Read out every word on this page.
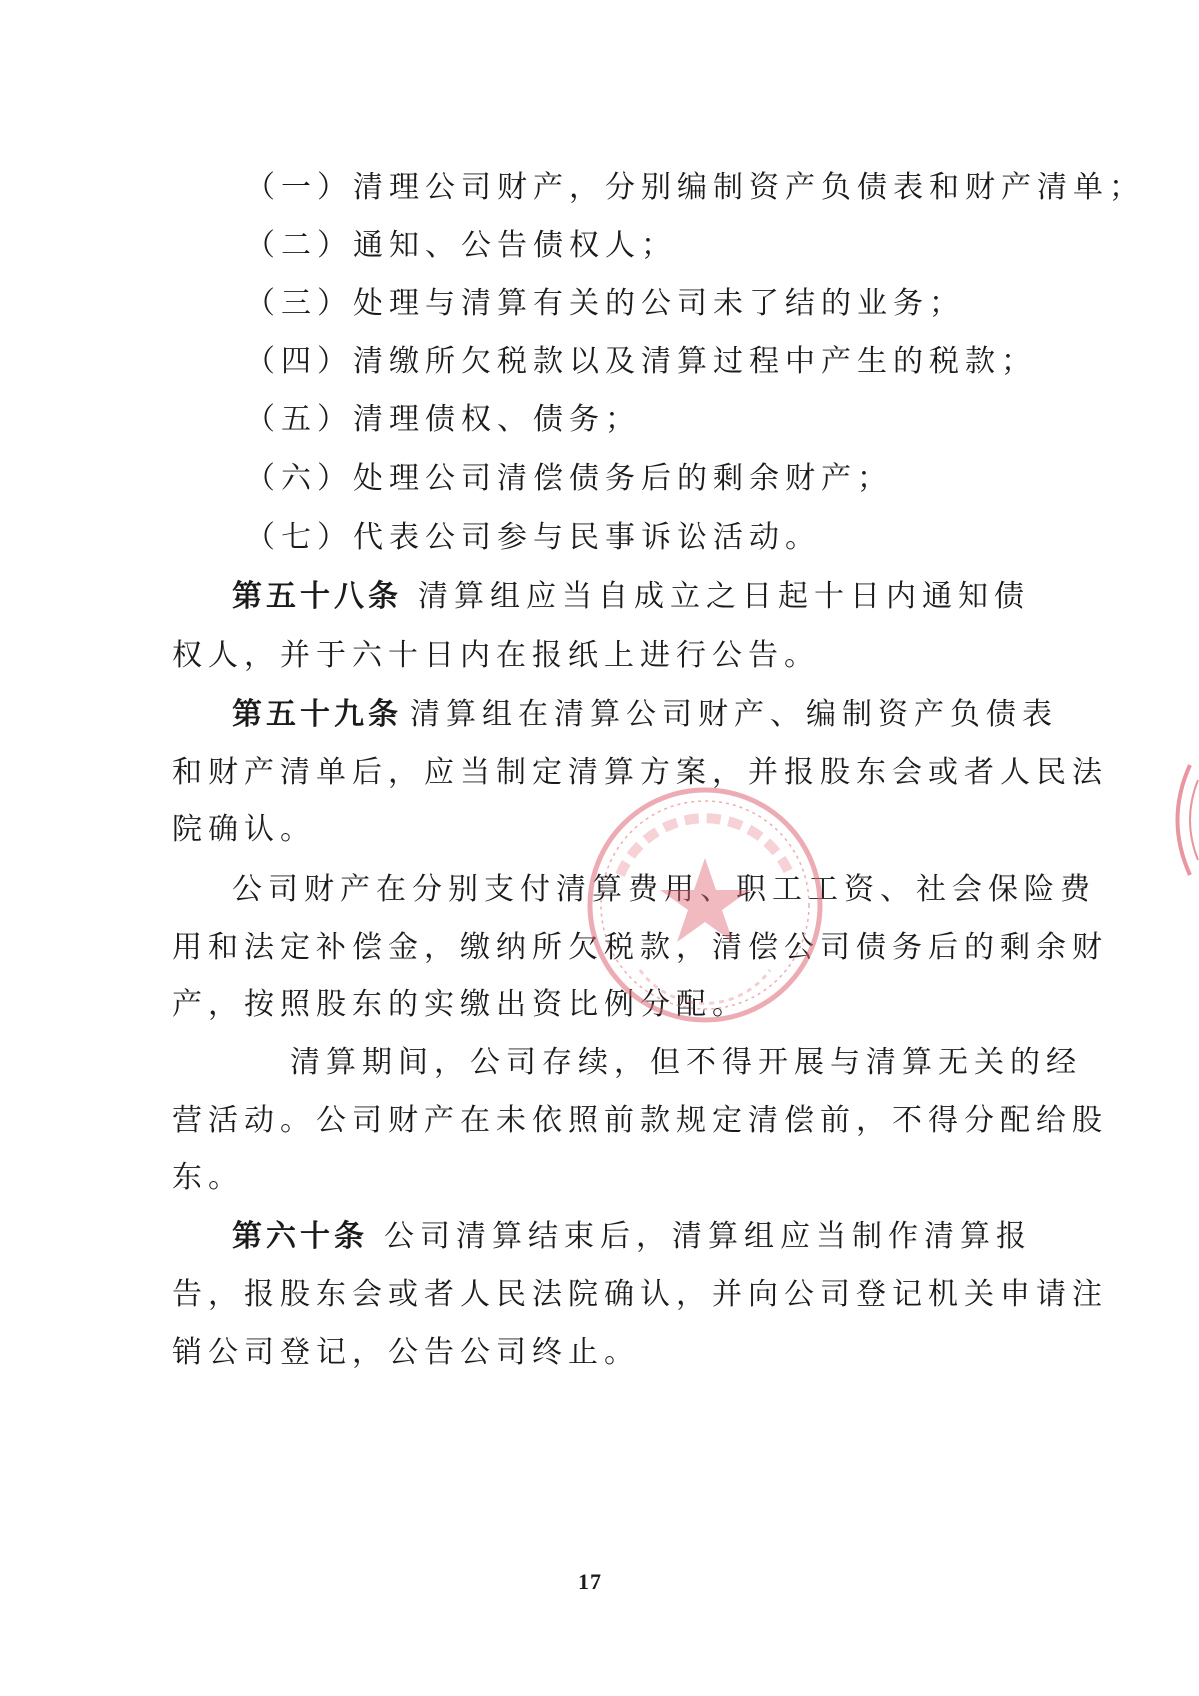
（一）清理公司财产，分别编制资产负债表和财产清单；
（二）通知、公告债权人；
（三）处理与清算有关的公司未了结的业务；
（四）清缴所欠税款以及清算过程中产生的税款；
（五）清理债权、债务；
（六）处理公司清偿债务后的剩余财产；
（七）代表公司参与民事诉讼活动。
第五十八条 清算组应当自成立之日起十日内通知债
权人，并于六十日内在报纸上进行公告。
第五十九条 清算组在清算公司财产、编制资产负债表
和财产清单后，应当制定清算方案，并报股东会或者人民法
院确认。
公司财产在分别支付清算费用、职工工资、社会保险费
用和法定补偿金，缴纳所欠税款，清偿公司债务后的剩余财
产，按照股东的实缴出资比例分配。
清算期间，公司存续，但不得开展与清算无关的经
营活动。公司财产在未依照前款规定清偿前，不得分配给股
东。
第六十条 公司清算结束后，清算组应当制作清算报
告，报股东会或者人民法院确认，并向公司登记机关申请注
销公司登记，公告公司终止。
17
